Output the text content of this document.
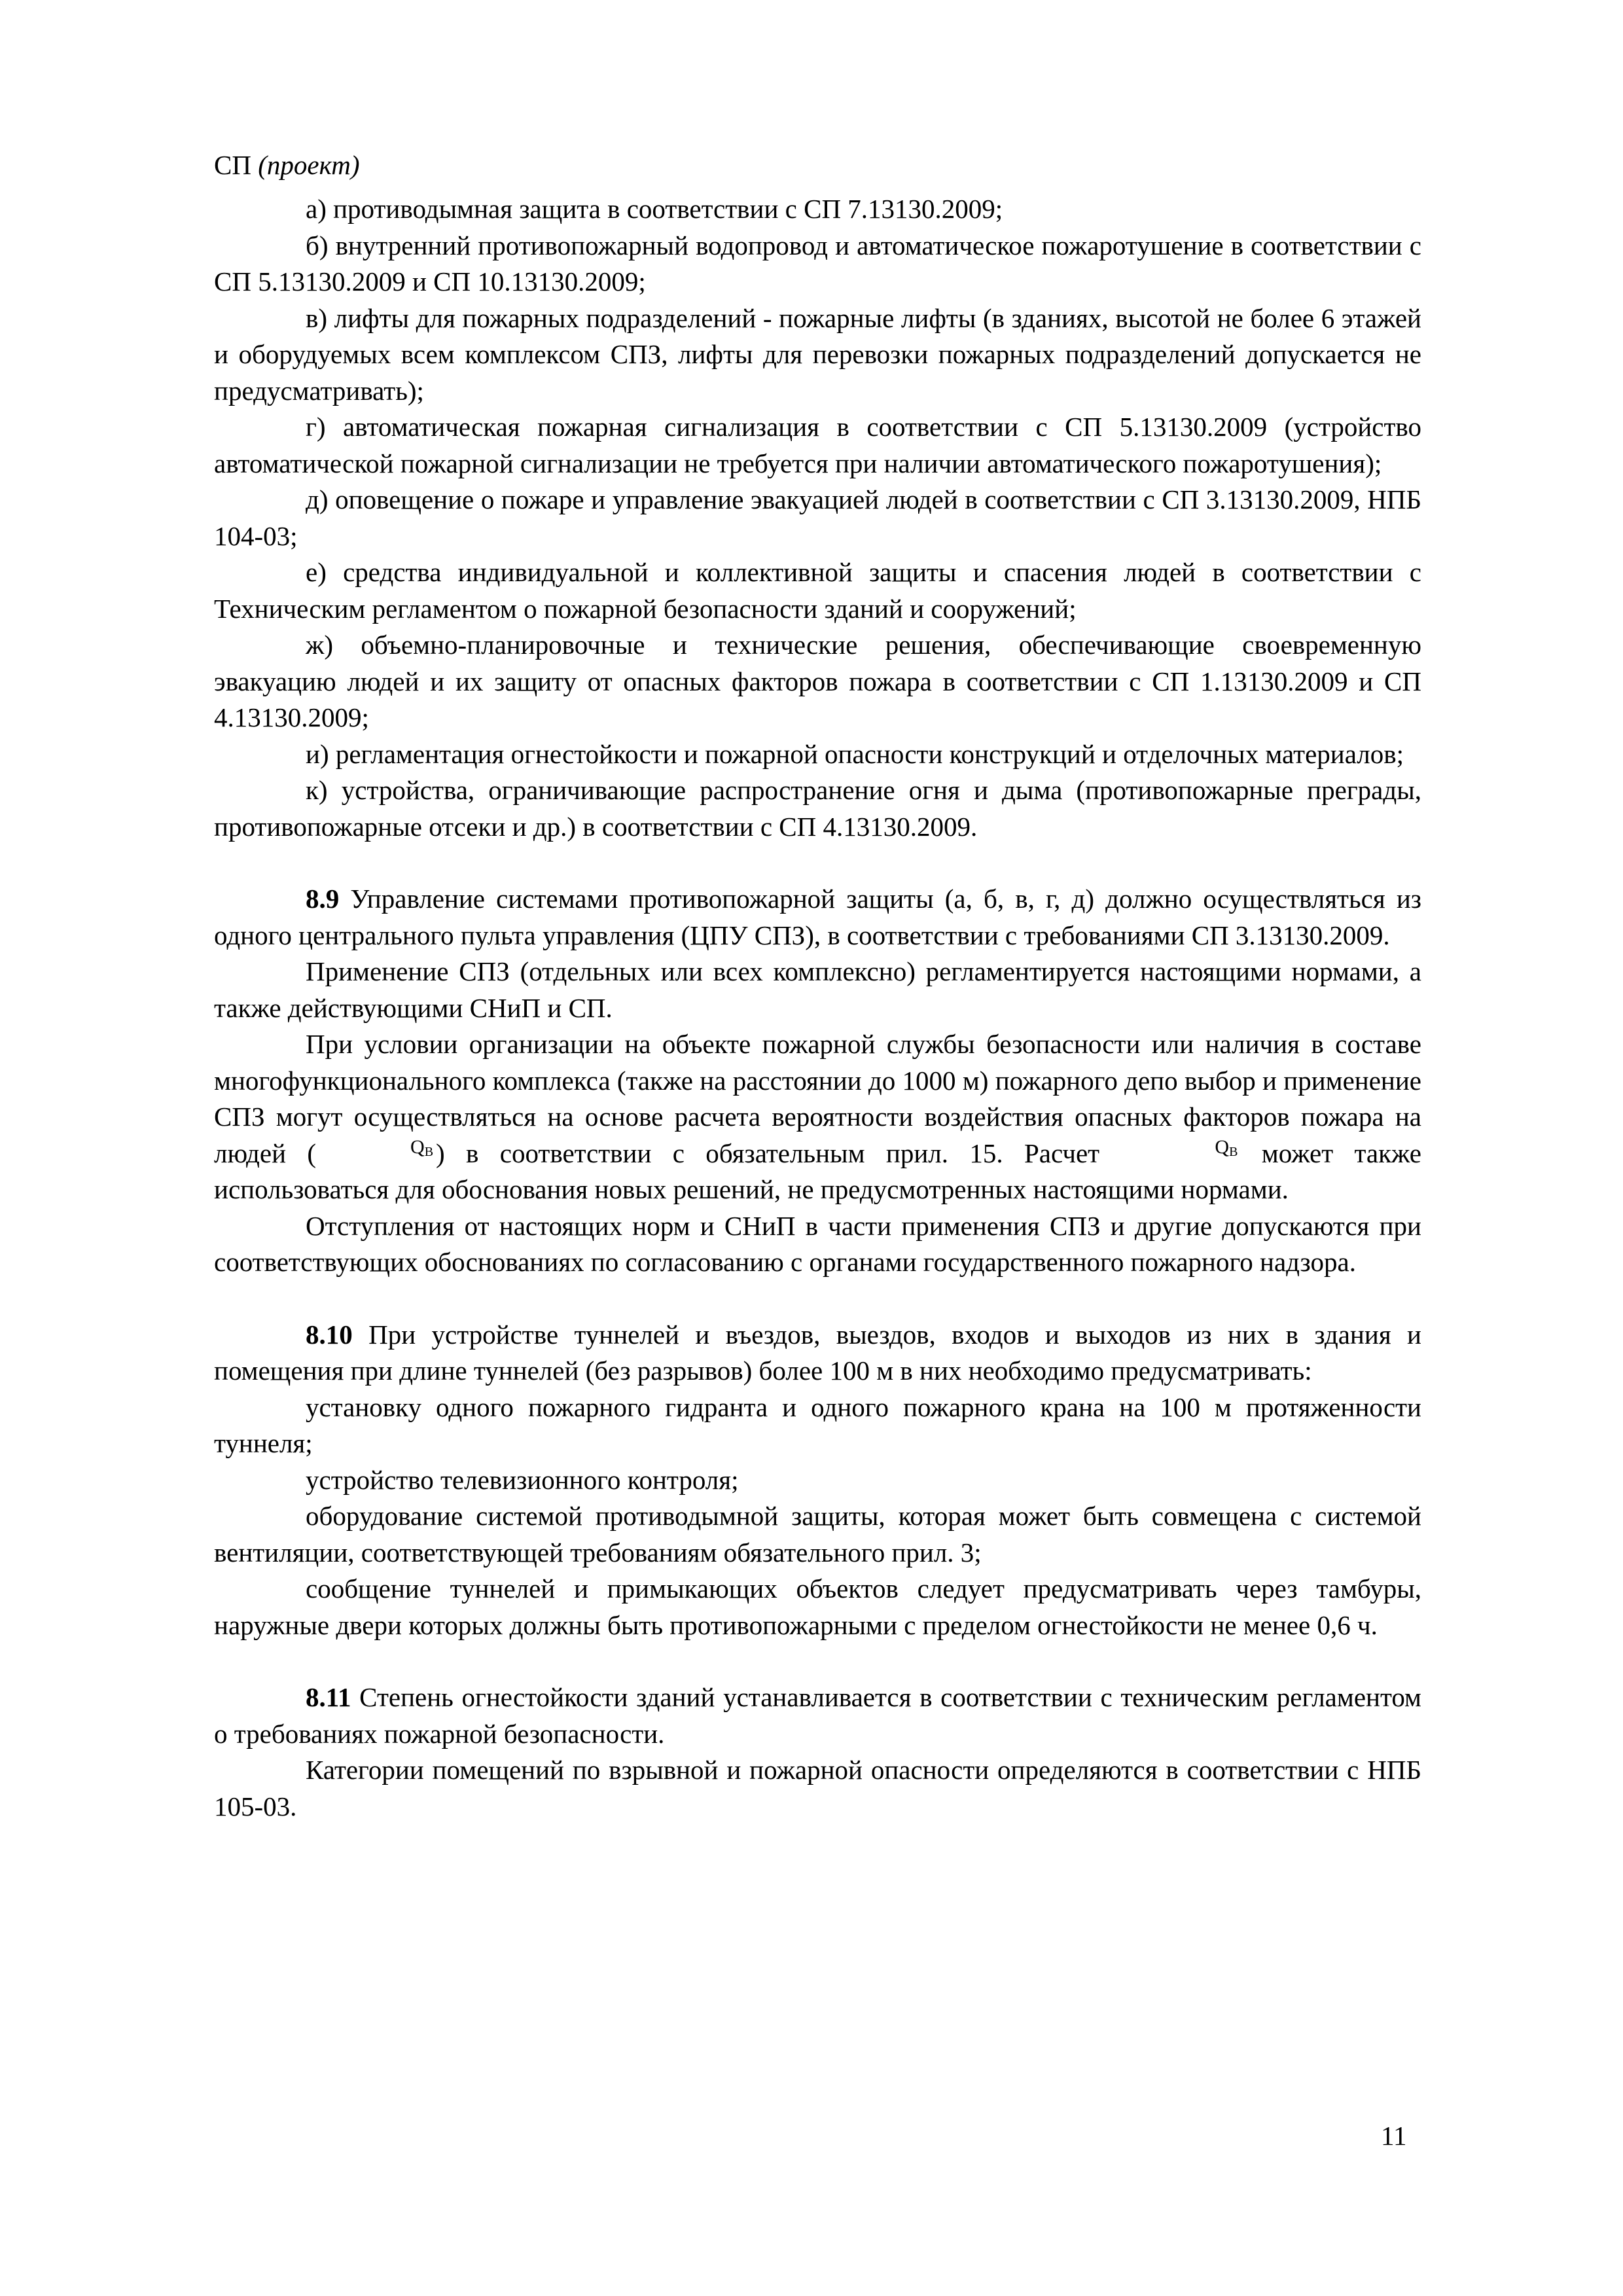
СП (проект)

а) противодымная защита в соответствии с СП 7.13130.2009;

б) внутренний противопожарный водопровод и автоматическое пожаротушение в соответствии с СП 5.13130.2009 и СП 10.13130.2009;

в) лифты для пожарных подразделений - пожарные лифты (в зданиях, высотой не более 6 этажей и оборудуемых всем комплексом СПЗ, лифты для перевозки пожарных подразделений допускается не предусматривать);

г) автоматическая пожарная сигнализация в соответствии с СП 5.13130.2009 (устройство автоматической пожарной сигнализации не требуется при наличии автоматического пожаротушения);

д) оповещение о пожаре и управление эвакуацией людей в соответствии с СП 3.13130.2009, НПБ 104-03;

е) средства индивидуальной и коллективной защиты и спасения людей в соответствии с Техническим регламентом о пожарной безопасности зданий и сооружений;

ж) объемно-планировочные и технические решения, обеспечивающие своевременную эвакуацию людей и их защиту от опасных факторов пожара в соответствии с СП 1.13130.2009 и СП 4.13130.2009;

и) регламентация огнестойкости и пожарной опасности конструкций и отделочных материалов;

к) устройства, ограничивающие распространение огня и дыма (противопожарные преграды, противопожарные отсеки и др.) в соответствии с СП 4.13130.2009.

8.9 Управление системами противопожарной защиты (а, б, в, г, д) должно осуществляться из одного центрального пульта управления (ЦПУ СПЗ), в соответствии с требованиями СП 3.13130.2009.

Применение СПЗ (отдельных или всех комплексно) регламентируется настоящими нормами, а также действующими СНиП и СП.

При условии организации на объекте пожарной службы безопасности или наличия в составе многофункционального комплекса (также на расстоянии до 1000 м) пожарного депо выбор и применение СПЗ могут осуществляться на основе расчета вероятности воздействия опасных факторов пожара на людей (	$Q_B$) в соответствии с обязательным прил. 15. Расчет	$Q_B$ может также использоваться для обоснования новых решений, не предусмотренных настоящими нормами.

Отступления от настоящих норм и СНиП в части применения СПЗ и другие допускаются при соответствующих обоснованиях по согласованию с органами государственного пожарного надзора.

8.10 При устройстве туннелей и въездов, выездов, входов и выходов из них в здания и помещения при длине туннелей (без разрывов) более 100 м в них необходимо предусматривать:

установку одного пожарного гидранта и одного пожарного крана на 100 м протяженности туннеля;

устройство телевизионного контроля;

оборудование системой противодымной защиты, которая может быть совмещена с системой вентиляции, соответствующей требованиям обязательного прил. 3;

сообщение туннелей и примыкающих объектов следует предусматривать через тамбуры, наружные двери которых должны быть противопожарными с пределом огнестойкости не менее 0,6 ч.

8.11 Степень огнестойкости зданий устанавливается в соответствии с техническим регламентом о требованиях пожарной безопасности.

Категории помещений по взрывной и пожарной опасности определяются в соответствии с НПБ 105-03.

11
